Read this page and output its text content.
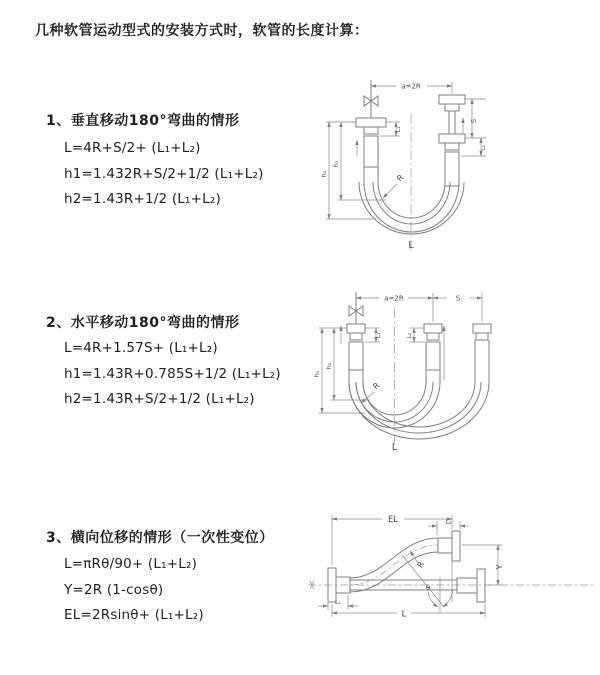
几种软管运动型式的安装方式时，软管的长度计算：
1、垂直移动180°弯曲的情形
L=4R+S/2+ (L₁+L₂)
h1=1.432R+S/2+1/2 (L₁+L₂)
h2=1.43R+1/2 (L₁+L₂)
2、水平移动180°弯曲的情形
L=4R+1.57S+ (L₁+L₂)
h1=1.43R+0.785S+1/2 (L₁+L₂)
h2=1.43R+S/2+1/2 (L₁+L₂)
3、横向位移的情形（一次性变位）
L=πRθ/90+ (L₁+L₂)
Y=2R (1-cosθ)
EL=2Rsinθ+ (L₁+L₂)
a=2R
S
L₂
L₁
h₁
h₂
R
L
a=2R	S
h₁
h₂
L₁	L₂
R
L
EL	L₂
Y
L
L₁
θ
R
